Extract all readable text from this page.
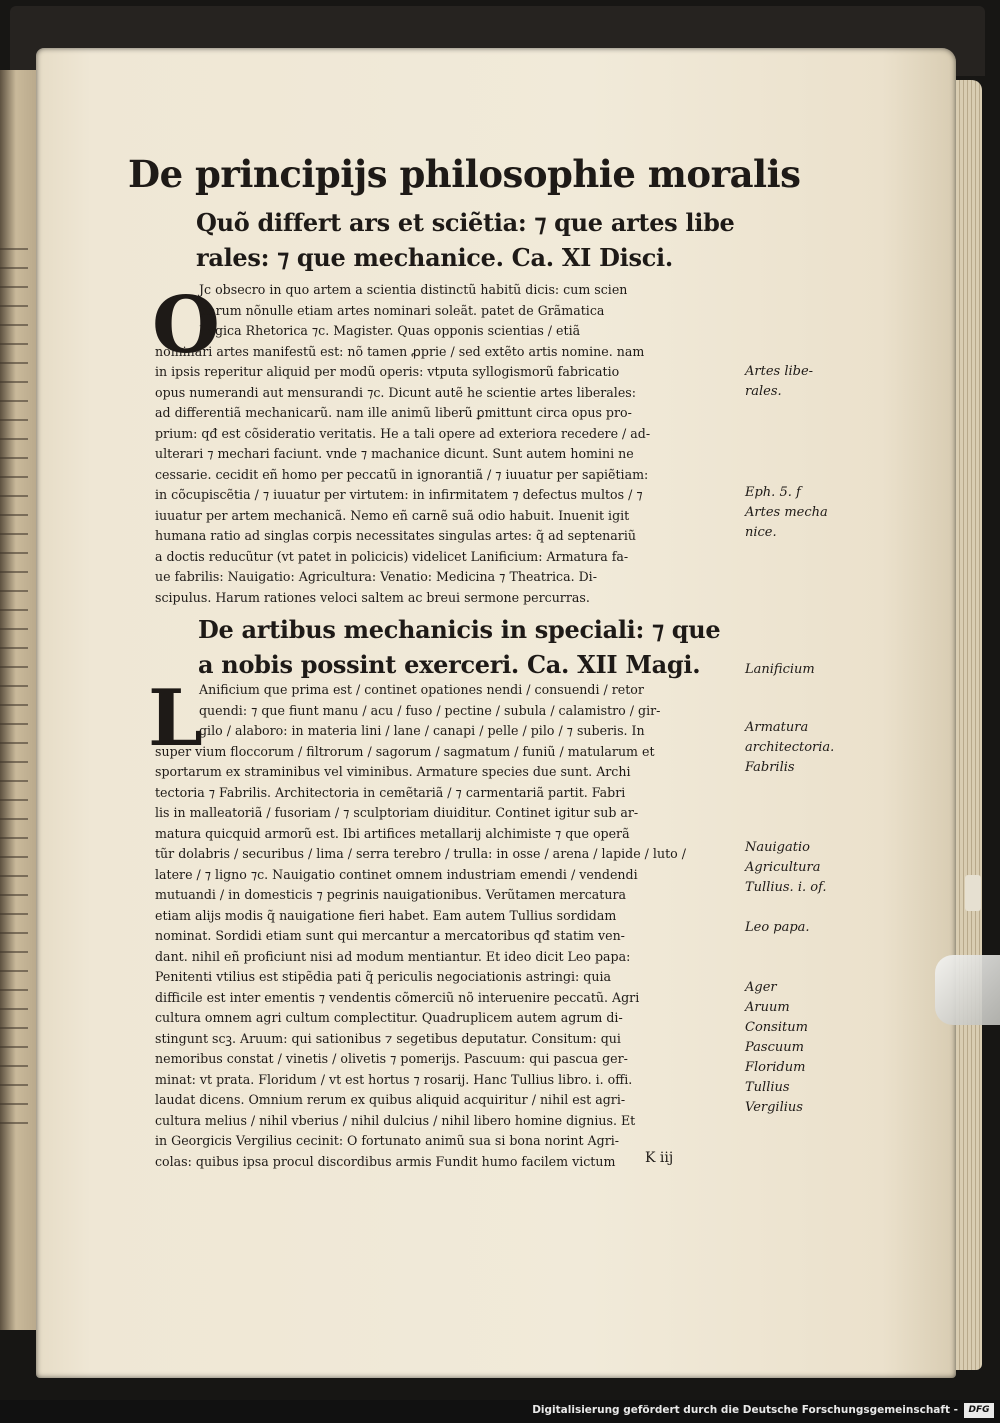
De principijs philosophie moralis
Quõ differt ars et sciẽtia: ⁊ que artes libe
rales: ⁊ que mechanice. Ca. XI Disci.
O
Jc obsecro in quo artem a scientia distinctũ habitũ dicis: cum scien
tiarum nõnulle etiam artes nominari soleãt. patet de Grãmatica
Logica Rhetorica ⁊c. Magister. Quas opponis scientias / etiã
nominari artes manifestũ est: nõ tamen ꝓprie / sed extẽto artis nomine. nam
in ipsis reperitur aliquid per modũ operis: vtputa syllogismorũ fabricatio
opus numerandi aut mensurandi ⁊c. Dicunt autẽ he scientie artes liberales:
ad differentiã mechanicarũ. nam ille animũ liberũ ꝑmittunt circa opus pro-
prium: qđ est cõsideratio veritatis. He a tali opere ad exteriora recedere / ad-
ulterari ⁊ mechari faciunt. vnde ⁊ machanice dicunt. Sunt autem homini ne
cessarie. cecidit eñ homo per peccatũ in ignorantiã / ⁊ iuuatur per sapiẽtiam:
in cõcupiscẽtia / ⁊ iuuatur per virtutem: in infirmitatem ⁊ defectus multos / ⁊
iuuatur per artem mechanicã. Nemo eñ carnẽ suã odio habuit. Inuenit igit
humana ratio ad singlas corpis necessitates singulas artes: q̃ ad septenariũ
a doctis reducũtur (vt patet in policicis) videlicet Lanificium: Armatura fa-
ue fabrilis: Nauigatio: Agricultura: Venatio: Medicina ⁊ Theatrica. Di-
scipulus. Harum rationes veloci saltem ac breui sermone percurras.
De artibus mechanicis in speciali: ⁊ que
a nobis possint exerceri. Ca. XII Magi.
L
Anificium que prima est / continet opationes nendi / consuendi / retor
quendi: ⁊ que fiunt manu / acu / fuso / pectine / subula / calamistro / gir-
gilo / alaboro: in materia lini / lane / canapi / pelle / pilo / ⁊ suberis. In
super vium floccorum / filtrorum / sagorum / sagmatum / funiũ / matularum et
sportarum ex straminibus vel viminibus. Armature species due sunt. Archi
tectoria ⁊ Fabrilis. Architectoria in cemẽtariã / ⁊ carmentariã partit. Fabri
lis in malleatoriã / fusoriam / ⁊ sculptoriam diuiditur. Continet igitur sub ar-
matura quicquid armorũ est. Ibi artifices metallarij alchimiste ⁊ que operã
tũr dolabris / securibus / lima / serra terebro / trulla: in osse / arena / lapide / luto /
latere / ⁊ ligno ⁊c. Nauigatio continet omnem industriam emendi / vendendi
mutuandi / in domesticis ⁊ pegrinis nauigationibus. Verũtamen mercatura
etiam alijs modis q̃ nauigatione fieri habet. Eam autem Tullius sordidam
nominat. Sordidi etiam sunt qui mercantur a mercatoribus qđ statim ven-
dant. nihil eñ proficiunt nisi ad modum mentiantur. Et ideo dicit Leo papa:
Penitenti vtilius est stipẽdia pati q̃ periculis negociationis astringi: quia
difficile est inter ementis ⁊ vendentis cõmerciũ nõ interuenire peccatũ. Agri
cultura omnem agri cultum complectitur. Quadruplicem autem agrum di-
stingunt scꝫ. Aruum: qui sationibus ⁊ segetibus deputatur. Consitum: qui
nemoribus constat / vinetis / olivetis ⁊ pomerijs. Pascuum: qui pascua ger-
minat: vt prata. Floridum / vt est hortus ⁊ rosarij. Hanc Tullius libro. i. offi.
laudat dicens. Omnium rerum ex quibus aliquid acquiritur / nihil est agri-
cultura melius / nihil vberius / nihil dulcius / nihil libero homine dignius. Et
in Georgicis Vergilius cecinit: O fortunato animũ sua si bona norint Agri-
colas: quibus ipsa procul discordibus armis Fundit humo facilem victum
Artes libe-
rales.
Eph. 5. f
Artes mecha
nice.
Lanificium
Armatura
architectoria.
Fabrilis
Nauigatio
Agricultura
Tullius. i. of.
Leo papa.
Ager
Aruum
Consitum
Pascuum
Floridum
Tullius
Vergilius
K iij
Digitalisierung gefördert durch die Deutsche Forschungsgemeinschaft -	DFG
